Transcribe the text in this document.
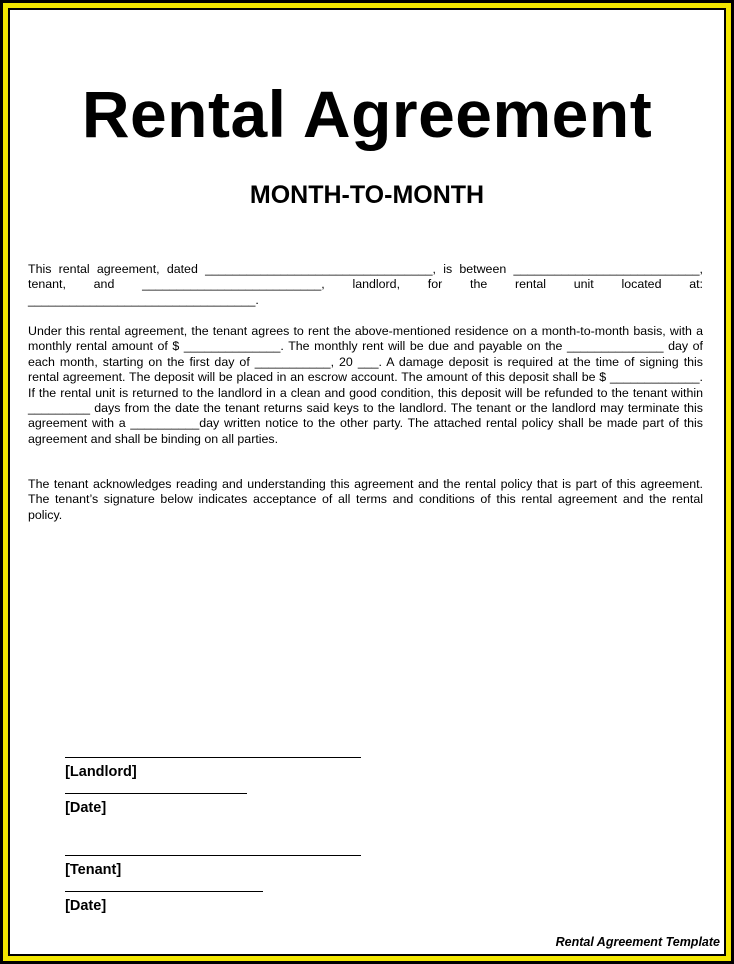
Rental Agreement
MONTH-TO-MONTH

This rental agreement, dated _________________________________, is between ___________________________, tenant, and __________________________, landlord, for the rental unit located at: _________________________________.

Under this rental agreement, the tenant agrees to rent the above-mentioned residence on a month-to-month basis, with a monthly rental amount of $ ______________. The monthly rent will be due and payable on the ______________ day of each month, starting on the first day of ___________, 20 ___. A damage deposit is required at the time of signing this rental agreement. The deposit will be placed in an escrow account. The amount of this deposit shall be $ _____________. If the rental unit is returned to the landlord in a clean and good condition, this deposit will be refunded to the tenant within _________ days from the date the tenant returns said keys to the landlord. The tenant or the landlord may terminate this agreement with a __________day written notice to the other party. The attached rental policy shall be made part of this agreement and shall be binding on all parties.

The tenant acknowledges reading and understanding this agreement and the rental policy that is part of this agreement. The tenant’s signature below indicates acceptance of all terms and conditions of this rental agreement and the rental policy.

[Landlord]

[Date]

[Tenant]

[Date]

Rental Agreement Template
